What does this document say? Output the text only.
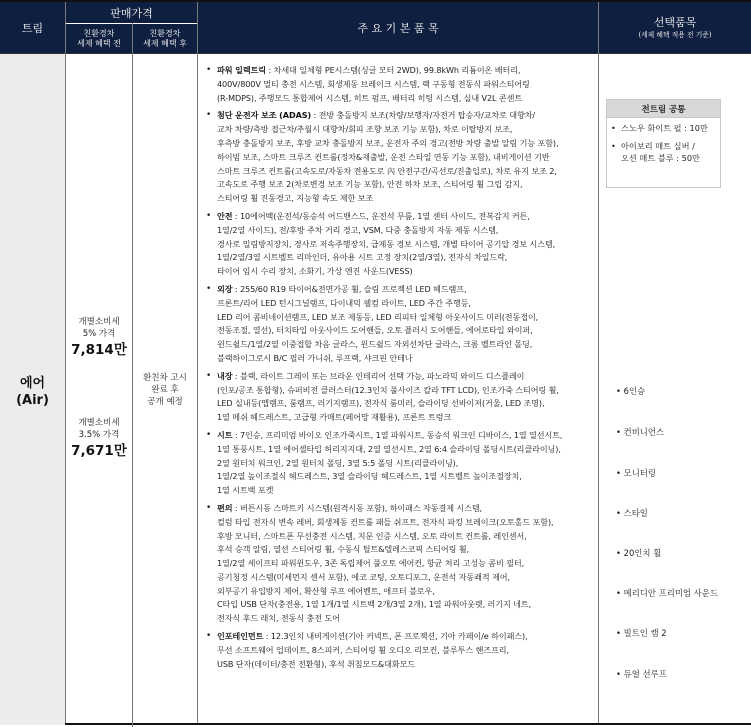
트림
판매가격
친환경차
세제 혜택 전
친환경차
세제 혜택 후
주 요 기 본 품 목	선택품목
(세제 혜택 적용 전 기준)
에어
(Air)
개별소비세
5% 가격
7,814만
개별소비세
3.5% 가격
7,671만
환친차 고시
완료 후
공개 예정
• 파워 일렉트릭 : 차세대 일체형 PE시스템(싱글 모터 2WD), 99.8kWh 리튬이온 배터리,
400V/800V 멀티 충전 시스템, 회생제동 브레이크 시스템, 랙 구동형 전동식 파워스티어링
(R-MDPS), 주행모드 통합제어 시스템, 히트 펌프, 배터리 히팅 시스템, 실내 V2L 콘센트
• 첨단 운전자 보조 (ADAS) : 전방 충돌방지 보조(차량/보행자/자전거 탑승자/교차로 대향차/
교차 차량/측방 접근차/추월시 대향차/회피 조향 보조 기능 포함), 차로 이탈방지 보조,
후측방 충돌방지 보조, 후방 교차 충돌방지 보조, 운전자 주의 경고(전방 차량 출발 알림 기능 포함),
하이빔 보조, 스마트 크루즈 컨트롤(정차&재출발, 운전 스타일 연동 기능 포함), 내비게이션 기반
스마트 크루즈 컨트롤(고속도로/자동차 전용도로 內 안전구간/곡선로/진출입로), 차로 유지 보조 2,
고속도로 주행 보조 2(차로변경 보조 기능 포함), 안전 하차 보조, 스티어링 휠 그립 감지,
스티어링 휠 진동경고, 지능형 속도 제한 보조
• 안전 : 10에어백(운전석/동승석 어드밴스드, 운전석 무릎, 1열 센터 사이드, 전복감지 커튼,
1열/2열 사이드), 전/후방 주차 거리 경고, VSM, 다중 충돌방지 자동 제동 시스템,
경사로 밀림방지장치, 경사로 저속주행장치, 급제동 경보 시스템, 개별 타이어 공기압 경보 시스템,
1열/2열/3열 시트벨트 리마인더, 유아용 시트 고정 장치(2열/3열), 전자식 차일드락,
타이어 임시 수리 장치, 소화기, 가상 엔진 사운드(VESS)
• 외장 : 255/60 R19 타이어&전면가공 휠, 슬림 프로젝션 LED 헤드램프,
프론트/리어 LED 턴시그널램프, 다이내믹 웰컴 라이트, LED 주간 주행등,
LED 리어 콤비네이션램프, LED 보조 제동등, LED 리피터 일체형 아웃사이드 미러(전동접이,
전동조절, 열선), 터치타입 아웃사이드 도어핸들, 오토 플러시 도어핸들, 에어로타입 와이퍼,
윈드쉴드/1열/2열 이중접합 차음 글라스, 윈드쉴드 자외선차단 글라스, 크롬 벨트라인 몰딩,
블랙하이그로시 B/C 필러 가니쉬, 루프랙, 샤크핀 안테나
• 내장 : 블랙, 라이트 그레이 또는 브라운 인테리어 선택 가능, 파노라믹 와이드 디스플레이
(인포/공조 통합형), 슈퍼비전 클러스터(12.3인치 풀사이즈 칼라 TFT LCD), 인조가죽 스티어링 휠,
LED 실내등(맵램프, 룸램프, 러기지램프), 전자식 룸미러, 슬라이딩 선바이저(거울, LED 조명),
1열 메쉬 헤드레스트, 고급형 카매트(페어망 재활용), 프론트 트렁크
• 시트 : 7인승, 프리미엄 바이오 인조가죽시트, 1열 파워시트, 동승석 워크인 디바이스, 1열 열선시트,
1열 통풍시트, 1열 에어셀타입 허리지지대, 2열 열선시트, 2열 6:4 슬라이딩 폴딩시트(리클라이닝),
2열 원터치 워크인, 2열 원터치 폴딩, 3열 5:5 폴딩 시트(리클라이닝),
1열/2열 높이조절식 헤드레스트, 3열 슬라이딩 헤드레스트, 1열 시트벨트 높이조절장치,
1열 시트백 포켓
• 편의 : 버튼시동 스마트키 시스템(원격시동 포함), 하이패스 자동결제 시스템,
컬럼 타입 전자식 변속 레버, 회생제동 컨트롤 패들 쉬프트, 전자식 파킹 브레이크(오토홀드 포함),
후방 모니터, 스마트폰 무선충전 시스템, 지문 인증 시스템, 오토 라이트 컨트롤, 레인센서,
후석 승객 알림, 열선 스티어링 휠, 수동식 틸트&텔레스코픽 스티어링 휠,
1열/2열 세이프티 파워윈도우, 3존 독립제어 풀오토 에어컨, 항균 처리 고성능 콤비 필터,
공기청정 시스템(미세먼지 센서 포함), 에코 코팅, 오토디포그, 운전석 자동쾌적 제어,
외부공기 유입방지 제어, 확산형 루프 에어벤트, 애프터 블로우,
C타입 USB 단자(충전용, 1열 1개/1열 시트백 2개/3열 2개), 1열 파워아웃렛, 러기지 네트,
전자식 후드 래치, 전동식 충전 도어
• 인포테인먼트 : 12.3인치 내비게이션(기아 커넥트, 폰 프로젝션, 기아 카페이/e 하이패스),
무선 소프트웨어 업데이트, 8스피커, 스티어링 휠 오디오 리모컨, 블루투스 핸즈프리,
USB 단자(데이터/충전 전환형), 후석 취침모드&대화모드
전트림 공통
• 스노우 화이트 펄 : 10만
• 아이보리 매트 실버 /
오션 매트 블루 : 50만
• 6인승
• 컨비니언스
• 모니터링
• 스타일
• 20인치 휠
• 메리디안 프리미엄 사운드
• 빌트인 캠 2
• 듀얼 선루프
